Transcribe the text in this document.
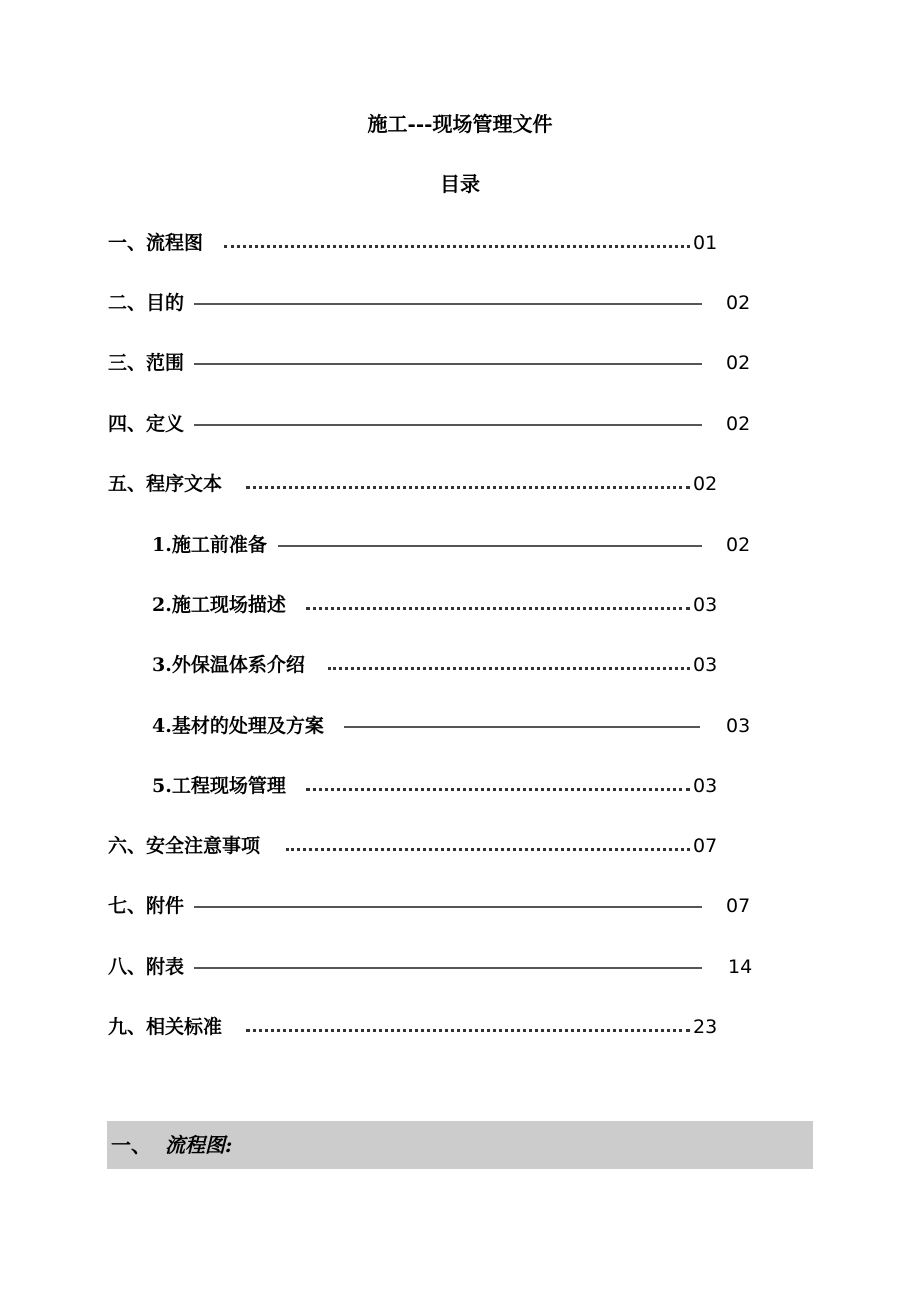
施工---现场管理文件
目录
一、流程图	01
二、目的	02
三、范围	02
四、定义	02
五、程序文本	02
1.施工前准备	02
2.施工现场描述	03
3.外保温体系介绍	03
4.基材的处理及方案	03
5.工程现场管理	03
六、安全注意事项	07
七、附件	07
八、附表	14
九、相关标准	23
一、 流程图:
